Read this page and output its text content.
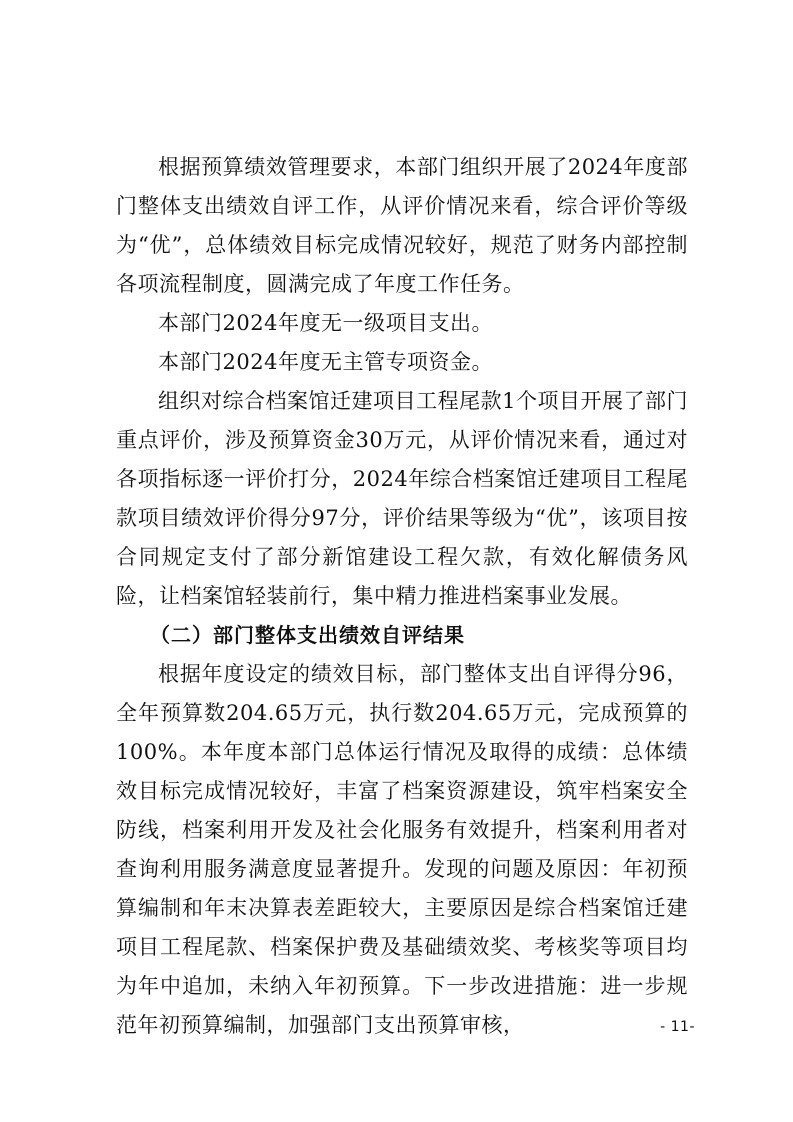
根据预算绩效管理要求，本部门组织开展了2024年度部门整体支出绩效自评工作，从评价情况来看，综合评价等级为“优”，总体绩效目标完成情况较好，规范了财务内部控制各项流程制度，圆满完成了年度工作任务。

本部门2024年度无一级项目支出。

本部门2024年度无主管专项资金。

组织对综合档案馆迁建项目工程尾款1个项目开展了部门重点评价，涉及预算资金30万元，从评价情况来看，通过对各项指标逐一评价打分，2024年综合档案馆迁建项目工程尾款项目绩效评价得分97分，评价结果等级为“优”，该项目按合同规定支付了部分新馆建设工程欠款，有效化解债务风险，让档案馆轻装前行，集中精力推进档案事业发展。

（二）部门整体支出绩效自评结果

根据年度设定的绩效目标，部门整体支出自评得分96，全年预算数204.65万元，执行数204.65万元，完成预算的100%。本年度本部门总体运行情况及取得的成绩：总体绩效目标完成情况较好，丰富了档案资源建设，筑牢档案安全防线，档案利用开发及社会化服务有效提升，档案利用者对查询利用服务满意度显著提升。发现的问题及原因：年初预算编制和年末决算表差距较大，主要原因是综合档案馆迁建项目工程尾款、档案保护费及基础绩效奖、考核奖等项目均为年中追加，未纳入年初预算。下一步改进措施：进一步规范年初预算编制，加强部门支出预算审核，	- 11-
